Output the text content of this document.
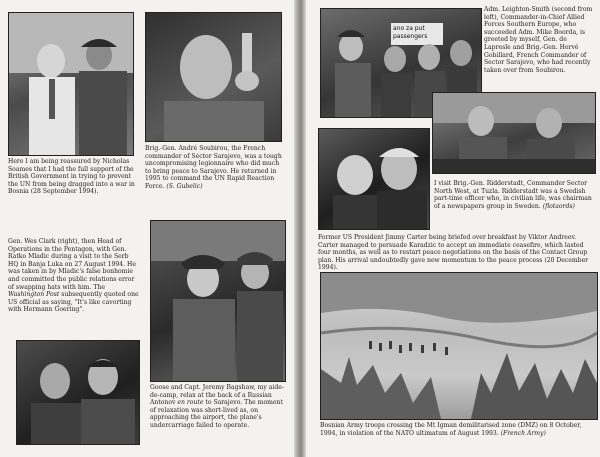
Here I am being reassured by Nicholas Soames that I had the full support of the British Government in trying to prevent the UN from being dragged into a war in Bosnia (28 September 1994).

Brig.-Gen. André Soubirou, the French commander of Sector Sarajevo, was a tough uncompromising legionnaire who did much to bring peace to Sarajevo. He returned in 1995 to command the UN Rapid Reaction Force. (S. Gubelic)

Gen. Wes Clark (right), then Head of Operations in the Pentagon, with Gen. Ratko Mladic during a visit to the Serb HQ in Banja Luka on 27 August 1994. He was taken in by Mladic's false bonhomie and committed the public relations error of swapping hats with him. The Washington Post subsequently quoted one US official as saying, "It's like cavorting with Hermann Goering".

Goose and Capt. Jeremy Bagshaw, my aide-de-camp, relax at the back of a Russian Antonov en route to Sarajevo. The moment of relaxation was short-lived as, on approaching the airport, the plane's undercarriage failed to operate.

ano za put
passengers

Adm. Leighton-Smith (second from left), Commander-in-Chief Allied Forces Southern Europe, who succeeded Adm. Mike Boorda, is greeted by myself, Gen. de Lapresle and Brig.-Gen. Hervé Gobillard, French Commander of Sector Sarajevo, who had recently taken over from Soubirou.

I visit Brig.-Gen. Ridderstadt, Commander Sector North West, at Tuzla. Ridderstadt was a Swedish part-time officer who, in civilian life, was chairman of a newspapers group in Sweden. (flotaords)

Former US President Jimmy Carter being briefed over breakfast by Viktor Andreev. Carter managed to persuade Karadzic to accept an immediate ceasefire, which lasted four months, as well as to restart peace negotiations on the basis of the Contact Group plan. His arrival undoubtedly gave new momentum to the peace process (20 December 1994).

Bosnian Army troops crossing the Mt Igman demilitarised zone (DMZ) on 8 October, 1994, in violation of the NATO ultimatum of August 1993. (French Army)
